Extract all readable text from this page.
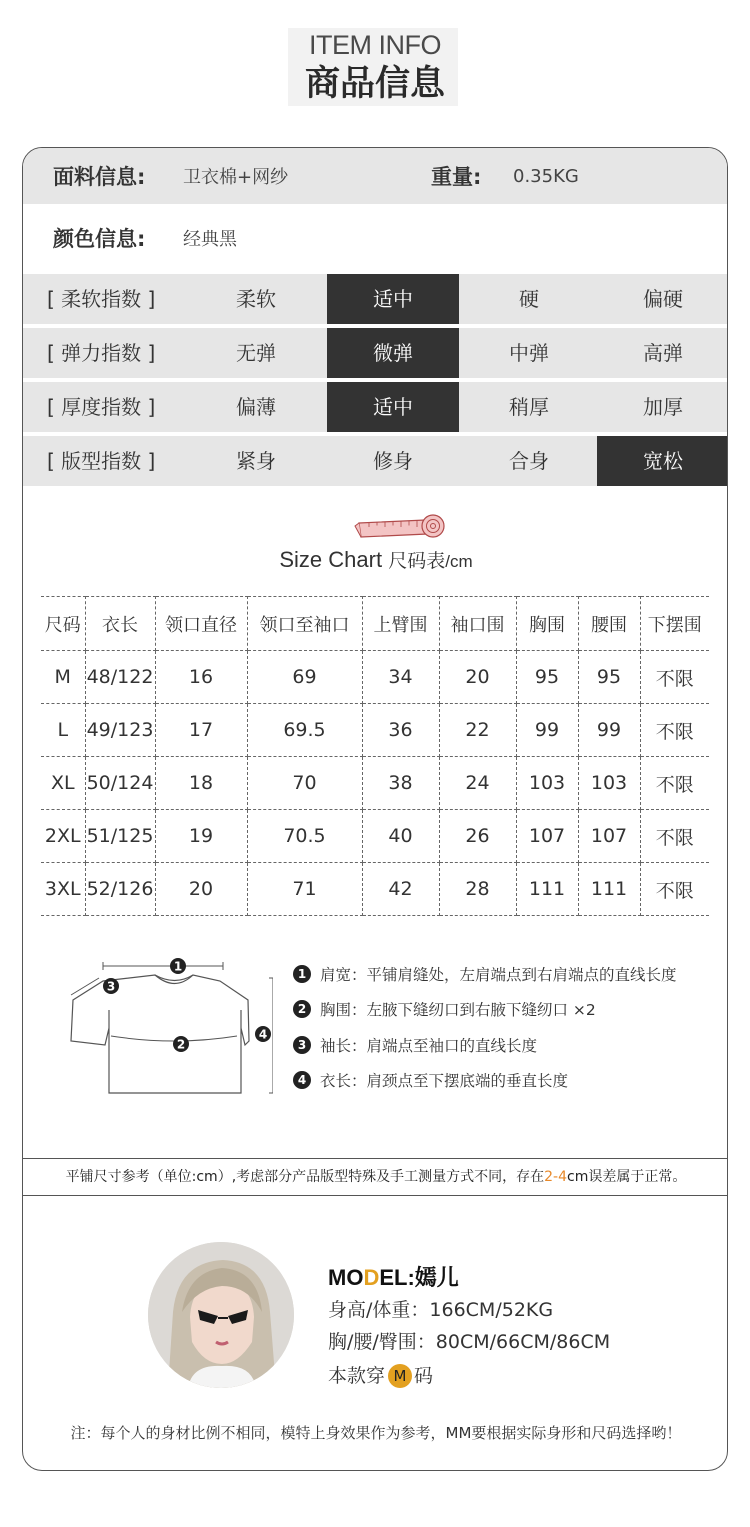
ITEM INFO
商品信息
面料信息: 卫衣棉+网纱	重量: 0.35KG
颜色信息: 经典黑
[ 柔软指数 ]	柔软	适中	硬	偏硬
[ 弹力指数 ]	无弹	微弹	中弹	高弹
[ 厚度指数 ]	偏薄	适中	稍厚	加厚
[ 版型指数 ]	紧身	修身	合身	宽松
Size Chart 尺码表/cm
尺码	衣长	领口直径	领口至袖口	上臂围	袖口围	胸围	腰围	下摆围
M	48/122	16	69	34	20	95	95	不限
L	49/123	17	69.5	36	22	99	99	不限
XL	50/124	18	70	38	24	103	103	不限
2XL	51/125	19	70.5	40	26	107	107	不限
3XL	52/126	20	71	42	28	111	111	不限
1
3
2
4
1 肩宽：平铺肩缝处，左肩端点到右肩端点的直线长度
2 胸围：左腋下缝纫口到右腋下缝纫口 ×2
3 袖长：肩端点至袖口的直线长度
4 衣长：肩颈点至下摆底端的垂直长度
平铺尺寸参考（单位:cm）,考虑部分产品版型特殊及手工测量方式不同，存在2-4cm误差属于正常。
MODEL:嫣儿
身高/体重：166CM/52KG
胸/腰/臀围：80CM/66CM/86CM
本款穿 M 码
注：每个人的身材比例不相同，模特上身效果作为参考，MM要根据实际身形和尺码选择哟！
